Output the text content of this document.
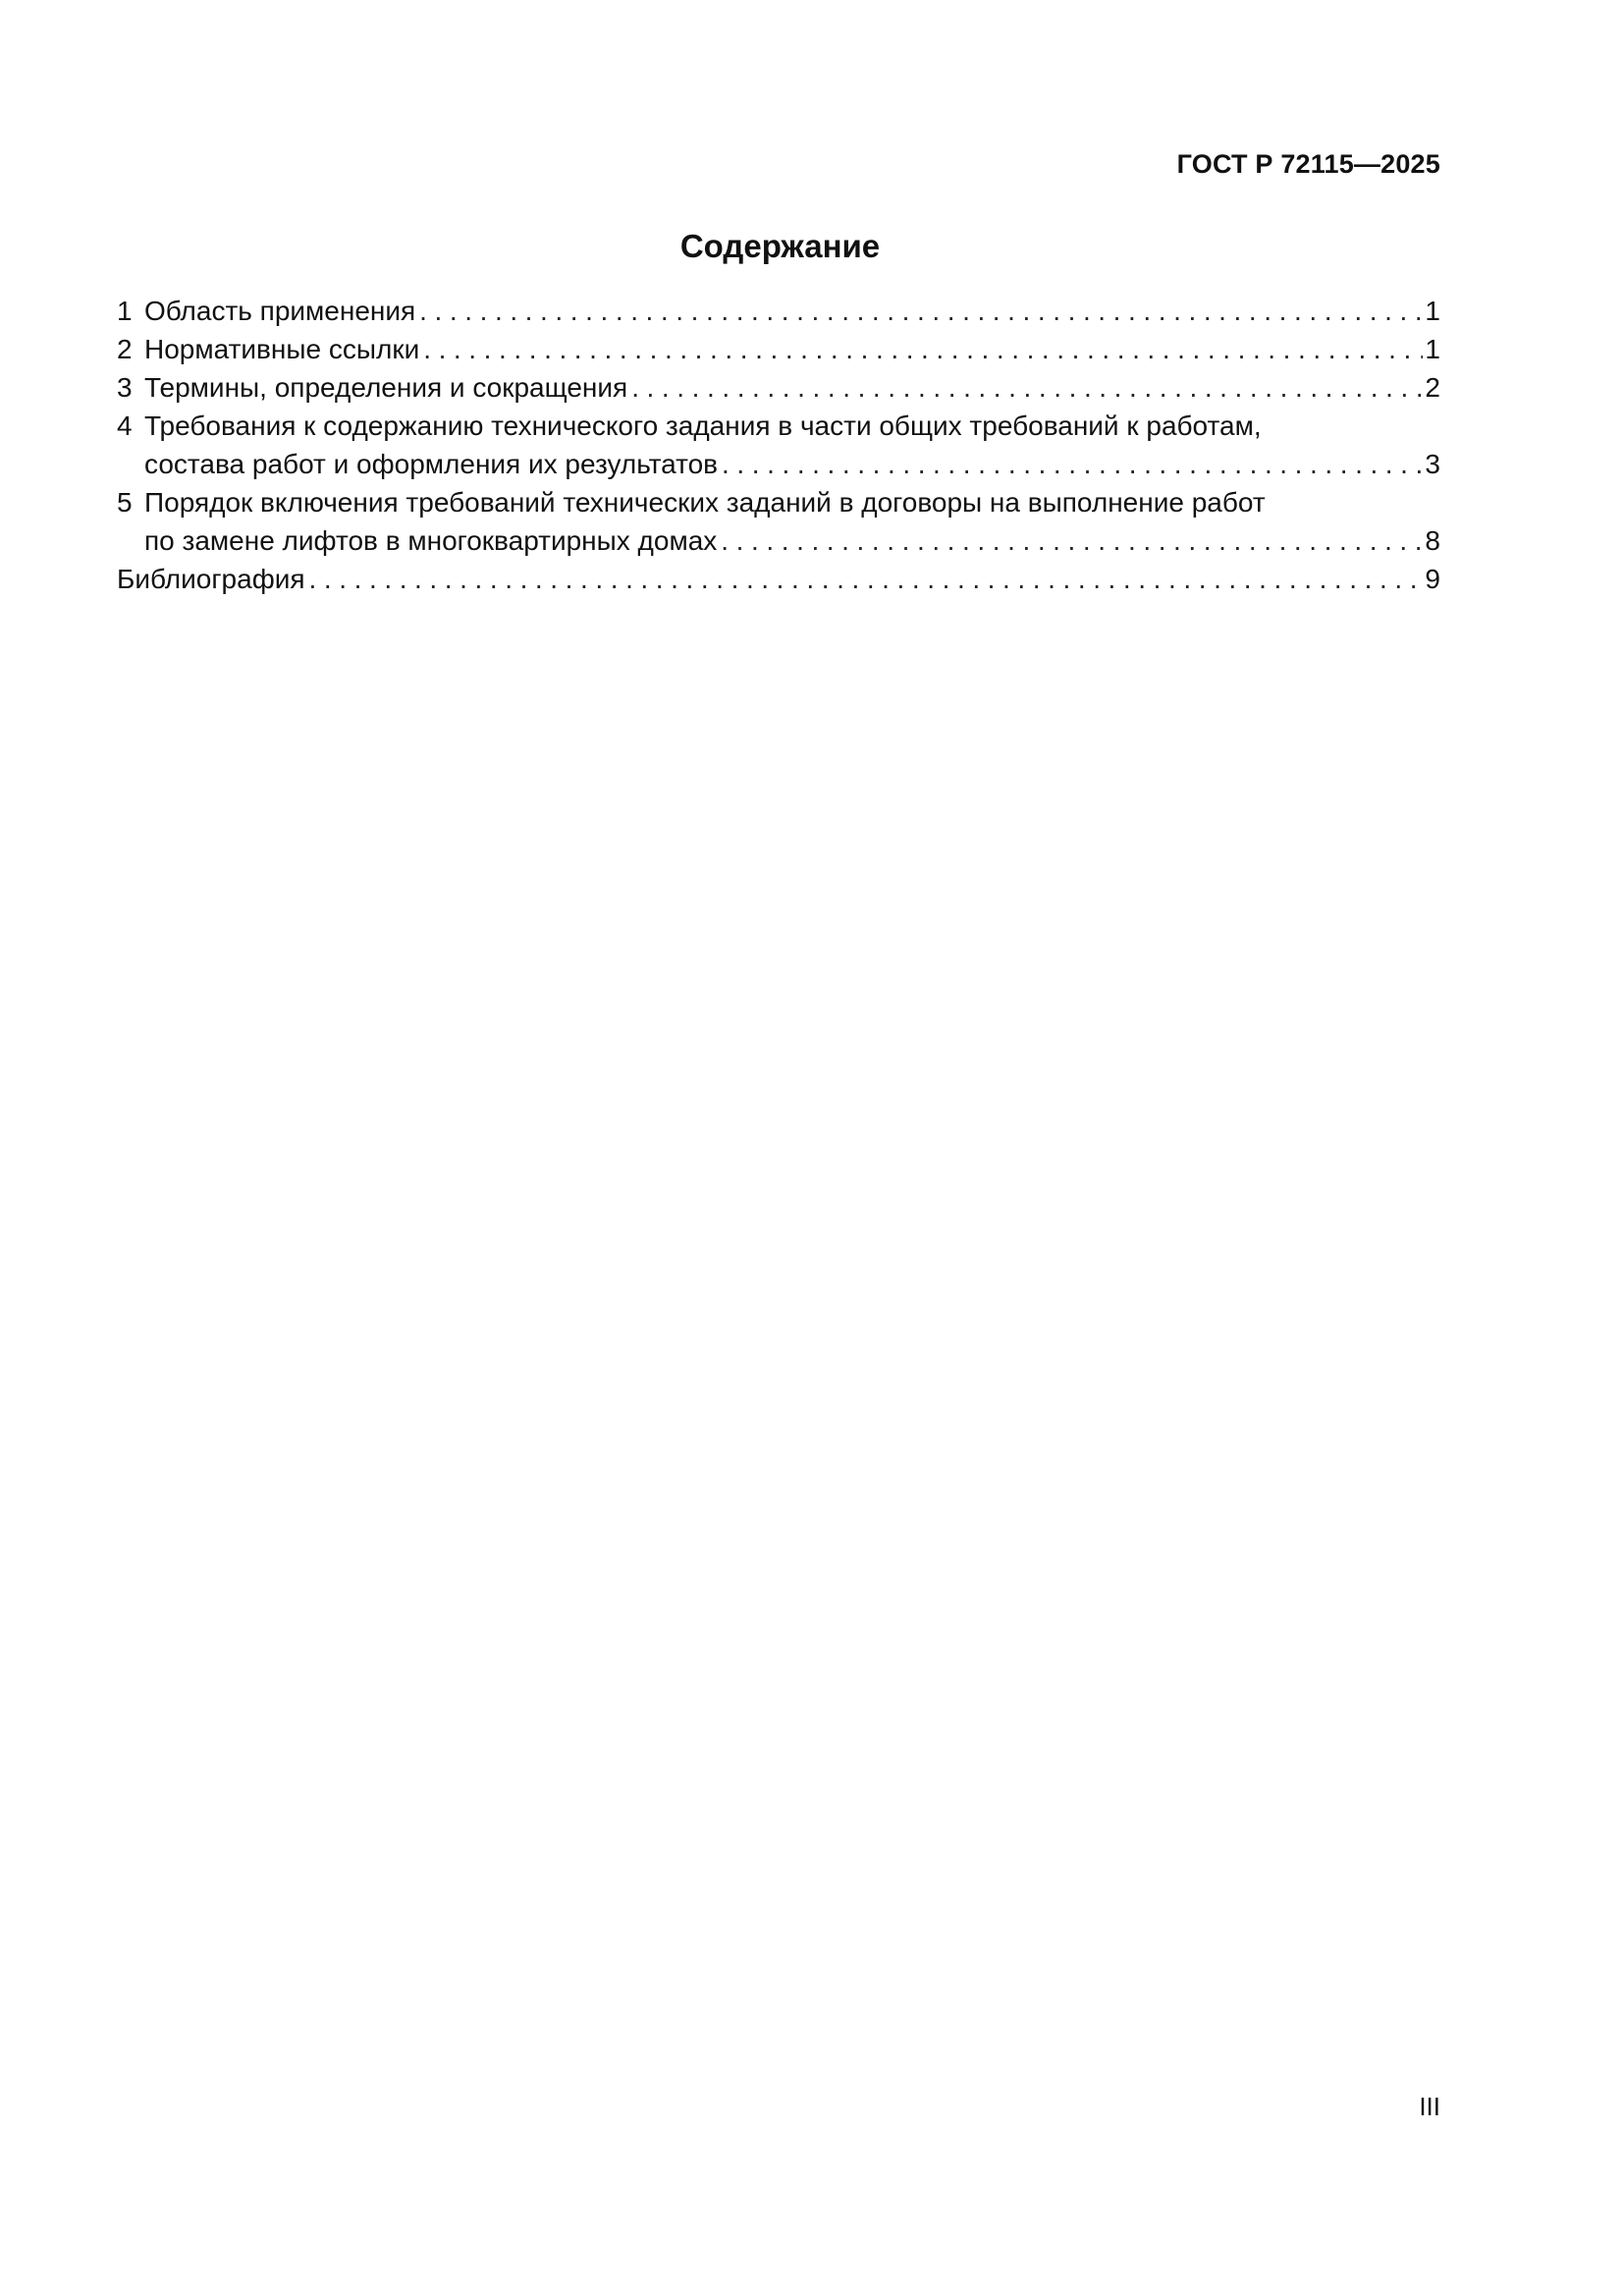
ГОСТ Р 72115—2025
Содержание
1 Область применения . . .	1
2 Нормативные ссылки . . .	1
3 Термины, определения и сокращения . . .	2
4 Требования к содержанию технического задания в части общих требований к работам,
состава работ и оформления их результатов . . .	3
5 Порядок включения требований технических заданий в договоры на выполнение работ
по замене лифтов в многоквартирных домах . . .	8
Библиография . . .	9
III
